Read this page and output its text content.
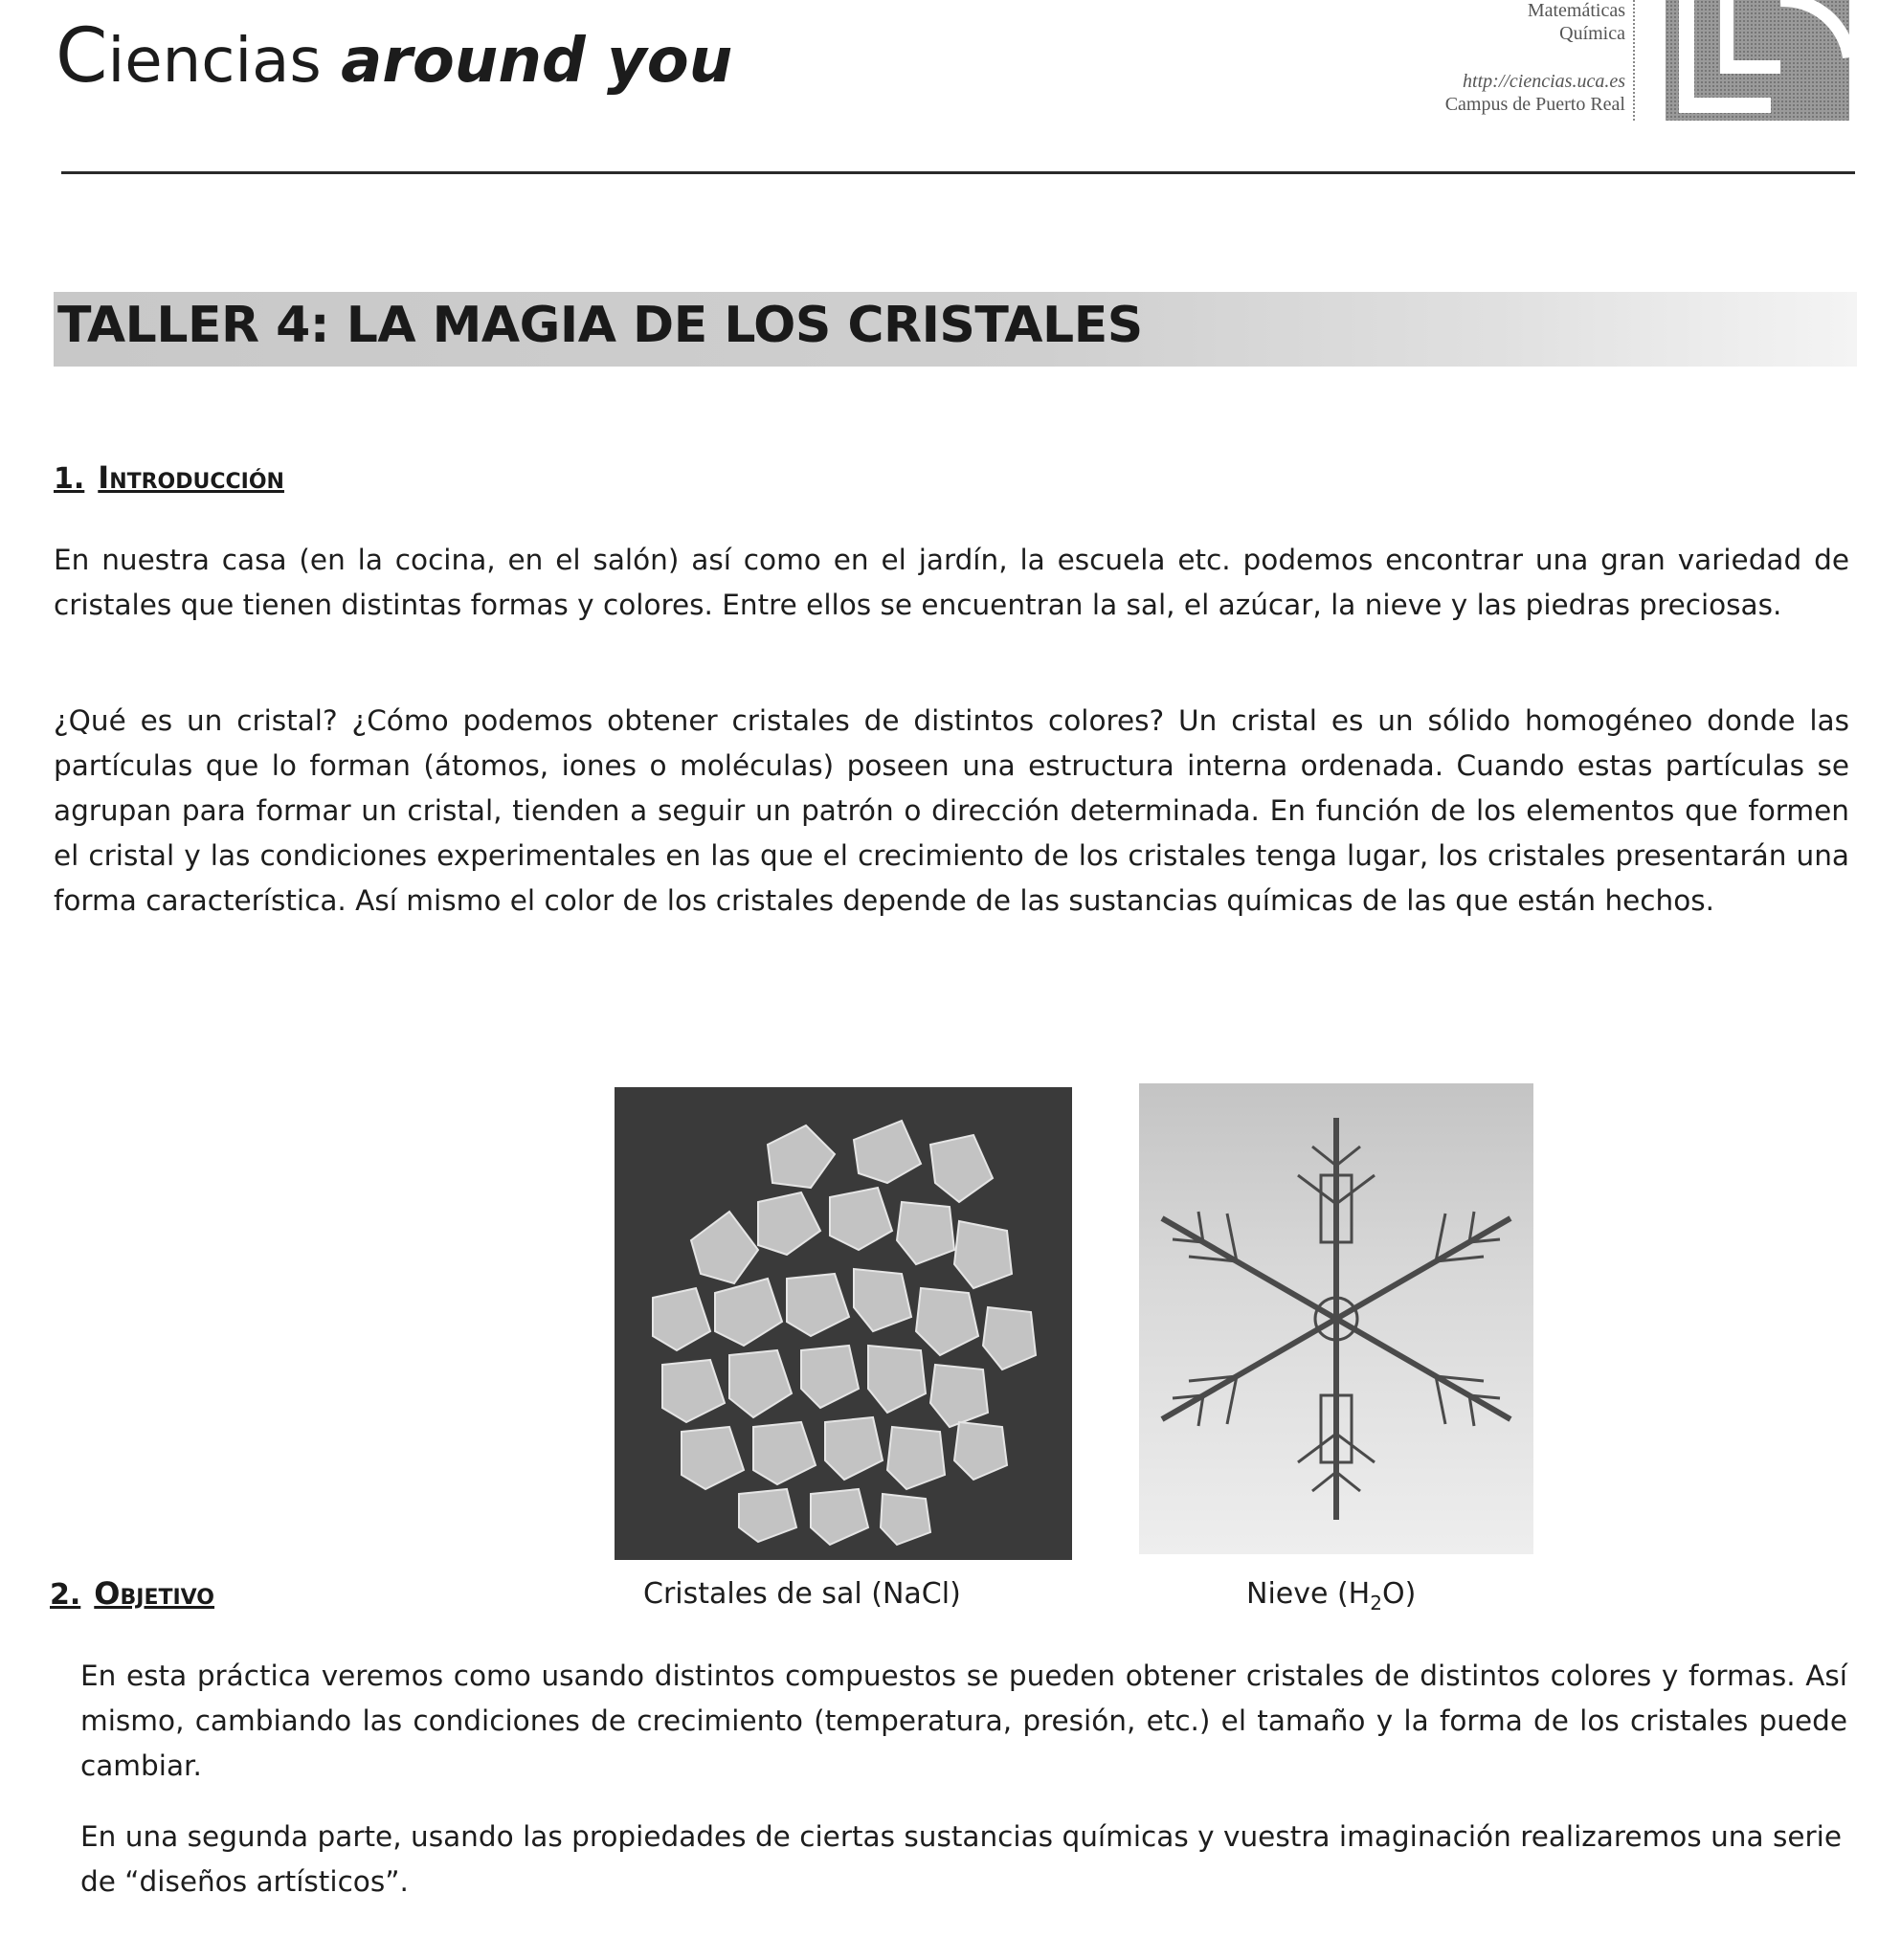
Ciencias around you
Matemáticas
Química
http://ciencias.uca.es
Campus de Puerto Real
TALLER 4: LA MAGIA DE LOS CRISTALES
1. Introducción
En nuestra casa (en la cocina, en el salón) así como en el jardín, la escuela etc. podemos encontrar una gran variedad de cristales que tienen distintas formas y colores. Entre ellos se encuentran la sal, el azúcar, la nieve y las piedras preciosas.
¿Qué es un cristal? ¿Cómo podemos obtener cristales de distintos colores? Un cristal es un sólido homogéneo donde las partículas que lo forman (átomos, iones o moléculas) poseen una estructura interna ordenada. Cuando estas partículas se agrupan para formar un cristal, tienden a seguir un patrón o dirección determinada. En función de los elementos que formen el cristal y las condiciones experimentales en las que el crecimiento de los cristales tenga lugar, los cristales presentarán una forma característica. Así mismo el color de los cristales depende de las sustancias químicas de las que están hechos.
Cristales de sal (NaCl)	Nieve $(H_2O)$
2. Objetivo
En esta práctica veremos como usando distintos compuestos se pueden obtener cristales de distintos colores y formas. Así mismo, cambiando las condiciones de crecimiento (temperatura, presión, etc.) el tamaño y la forma de los cristales puede cambiar.
En una segunda parte, usando las propiedades de ciertas sustancias químicas y vuestra imaginación realizaremos una serie de “diseños artísticos”.
